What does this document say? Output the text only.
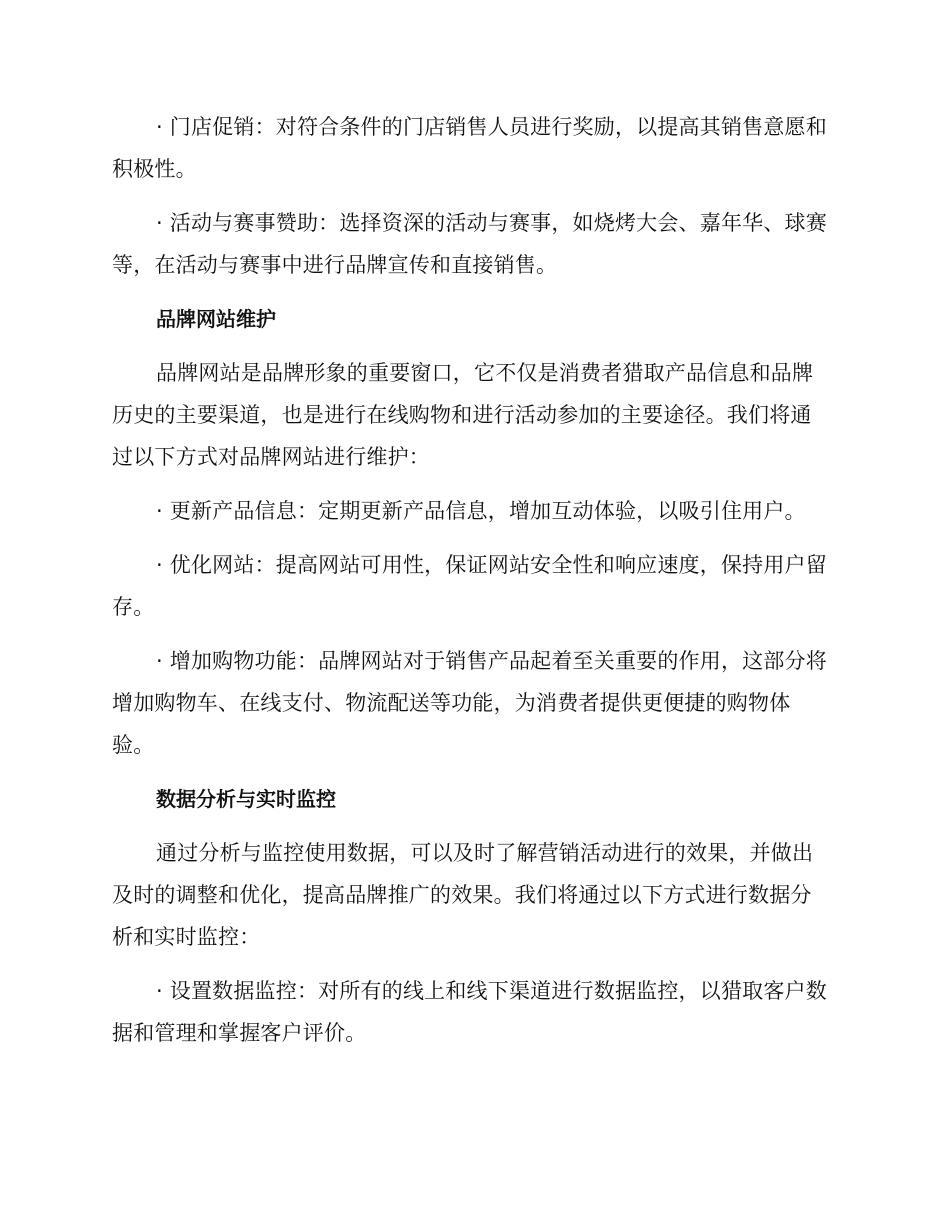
· 门店促销：对符合条件的门店销售人员进行奖励，以提高其销售意愿和积极性。

· 活动与赛事赞助：选择资深的活动与赛事，如烧烤大会、嘉年华、球赛等，在活动与赛事中进行品牌宣传和直接销售。

品牌网站维护

品牌网站是品牌形象的重要窗口，它不仅是消费者猎取产品信息和品牌历史的主要渠道，也是进行在线购物和进行活动参加的主要途径。我们将通过以下方式对品牌网站进行维护：

· 更新产品信息：定期更新产品信息，增加互动体验，以吸引住用户。

· 优化网站：提高网站可用性，保证网站安全性和响应速度，保持用户留存。

· 增加购物功能：品牌网站对于销售产品起着至关重要的作用，这部分将增加购物车、在线支付、物流配送等功能，为消费者提供更便捷的购物体验。

数据分析与实时监控

通过分析与监控使用数据，可以及时了解营销活动进行的效果，并做出及时的调整和优化，提高品牌推广的效果。我们将通过以下方式进行数据分析和实时监控：

· 设置数据监控：对所有的线上和线下渠道进行数据监控，以猎取客户数据和管理和掌握客户评价。
